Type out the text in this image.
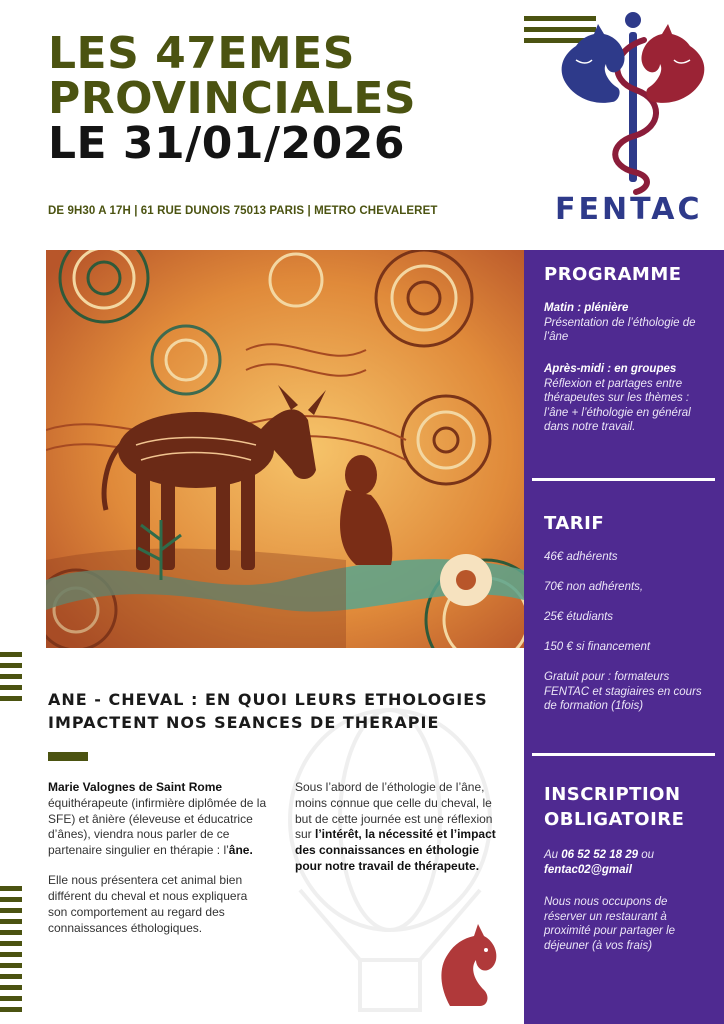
LES 47EMES
PROVINCIALES
LE 31/01/2026
DE 9H30 A 17H | 61 RUE DUNOIS 75013 PARIS | METRO CHEVALERET	FENTAC
PROGRAMME
Matin : plénière
Présentation de l’éthologie de l’âne
Après-midi : en groupes
Réflexion et partages entre thérapeutes sur les thèmes : l’âne + l’éthologie en général dans notre travail.
TARIF
46€ adhérents
70€ non adhérents,
25€ étudiants
150 € si financement
Gratuit pour : formateurs FENTAC et stagiaires en cours de formation (1fois)
INSCRIPTION
OBLIGATOIRE
Au 06 52 52 18 29 ou
fentac02@gmail
Nous nous occupons de réserver un restaurant à proximité pour partager le déjeuner (à vos frais)
ANE - CHEVAL : EN QUOI LEURS ETHOLOGIES
IMPACTENT NOS SEANCES DE THERAPIE

Marie Valognes de Saint Rome
équithérapeute (infirmière diplômée de la SFE) et ânière (éleveuse et éducatrice d’ânes), viendra nous parler de ce partenaire singulier en thérapie : l’âne.

Elle nous présentera cet animal bien différent du cheval et nous expliquera son comportement au regard des connaissances éthologiques.

Sous l’abord de l’éthologie de l’âne, moins connue que celle du cheval, le but de cette journée est une réflexion sur l’intérêt, la nécessité et l’impact des connaissances en éthologie pour notre travail de thérapeute.
